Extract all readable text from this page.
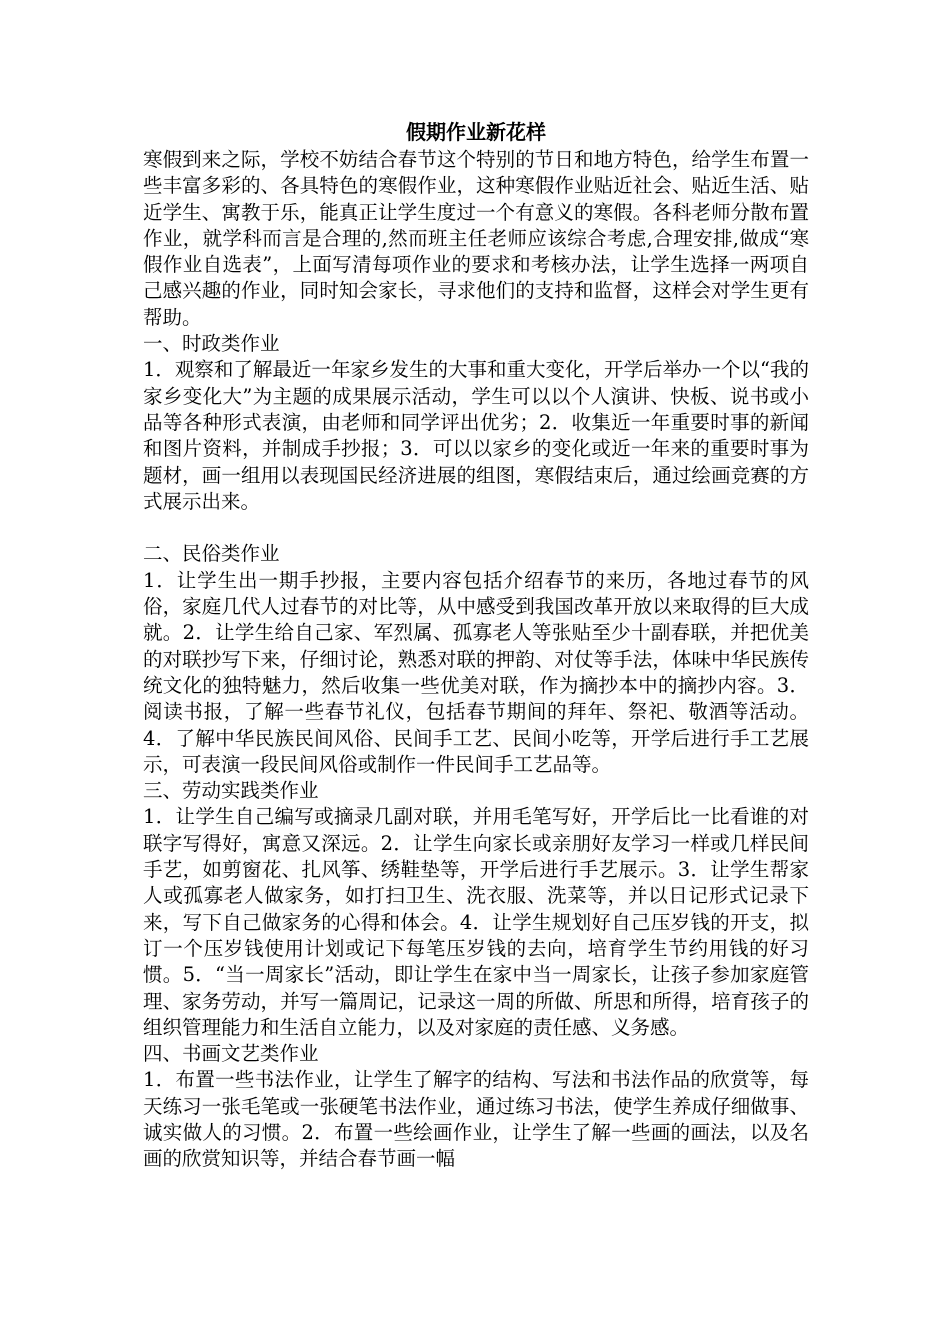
假期作业新花样

寒假到来之际，学校不妨结合春节这个特别的节日和地方特色，给学生布置一些丰富多彩的、各具特色的寒假作业，这种寒假作业贴近社会、贴近生活、贴近学生、寓教于乐，能真正让学生度过一个有意义的寒假。各科老师分散布置作业，就学科而言是合理的,然而班主任老师应该综合考虑,合理安排,做成“寒假作业自选表”，上面写清每项作业的要求和考核办法，让学生选择一两项自己感兴趣的作业，同时知会家长，寻求他们的支持和监督，这样会对学生更有帮助。

一、时政类作业

1．观察和了解最近一年家乡发生的大事和重大变化，开学后举办一个以“我的家乡变化大”为主题的成果展示活动，学生可以以个人演讲、快板、说书或小品等各种形式表演，由老师和同学评出优劣；2．收集近一年重要时事的新闻和图片资料，并制成手抄报；3．可以以家乡的变化或近一年来的重要时事为题材，画一组用以表现国民经济进展的组图，寒假结束后，通过绘画竞赛的方式展示出来。

二、民俗类作业

1．让学生出一期手抄报，主要内容包括介绍春节的来历，各地过春节的风俗，家庭几代人过春节的对比等，从中感受到我国改革开放以来取得的巨大成就。2．让学生给自己家、军烈属、孤寡老人等张贴至少十副春联，并把优美的对联抄写下来，仔细讨论，熟悉对联的押韵、对仗等手法，体味中华民族传统文化的独特魅力，然后收集一些优美对联，作为摘抄本中的摘抄内容。3．阅读书报，了解一些春节礼仪，包括春节期间的拜年、祭祀、敬酒等活动。4．了解中华民族民间风俗、民间手工艺、民间小吃等，开学后进行手工艺展示，可表演一段民间风俗或制作一件民间手工艺品等。

三、劳动实践类作业

1．让学生自己编写或摘录几副对联，并用毛笔写好，开学后比一比看谁的对联字写得好，寓意又深远。2．让学生向家长或亲朋好友学习一样或几样民间手艺，如剪窗花、扎风筝、绣鞋垫等，开学后进行手艺展示。3．让学生帮家人或孤寡老人做家务，如打扫卫生、洗衣服、洗菜等，并以日记形式记录下来，写下自己做家务的心得和体会。4．让学生规划好自己压岁钱的开支，拟订一个压岁钱使用计划或记下每笔压岁钱的去向，培育学生节约用钱的好习惯。5．“当一周家长”活动，即让学生在家中当一周家长，让孩子参加家庭管理、家务劳动，并写一篇周记，记录这一周的所做、所思和所得，培育孩子的组织管理能力和生活自立能力，以及对家庭的责任感、义务感。

四、书画文艺类作业

1．布置一些书法作业，让学生了解字的结构、写法和书法作品的欣赏等，每天练习一张毛笔或一张硬笔书法作业，通过练习书法，使学生养成仔细做事、诚实做人的习惯。2．布置一些绘画作业，让学生了解一些画的画法，以及名画的欣赏知识等，并结合春节画一幅
